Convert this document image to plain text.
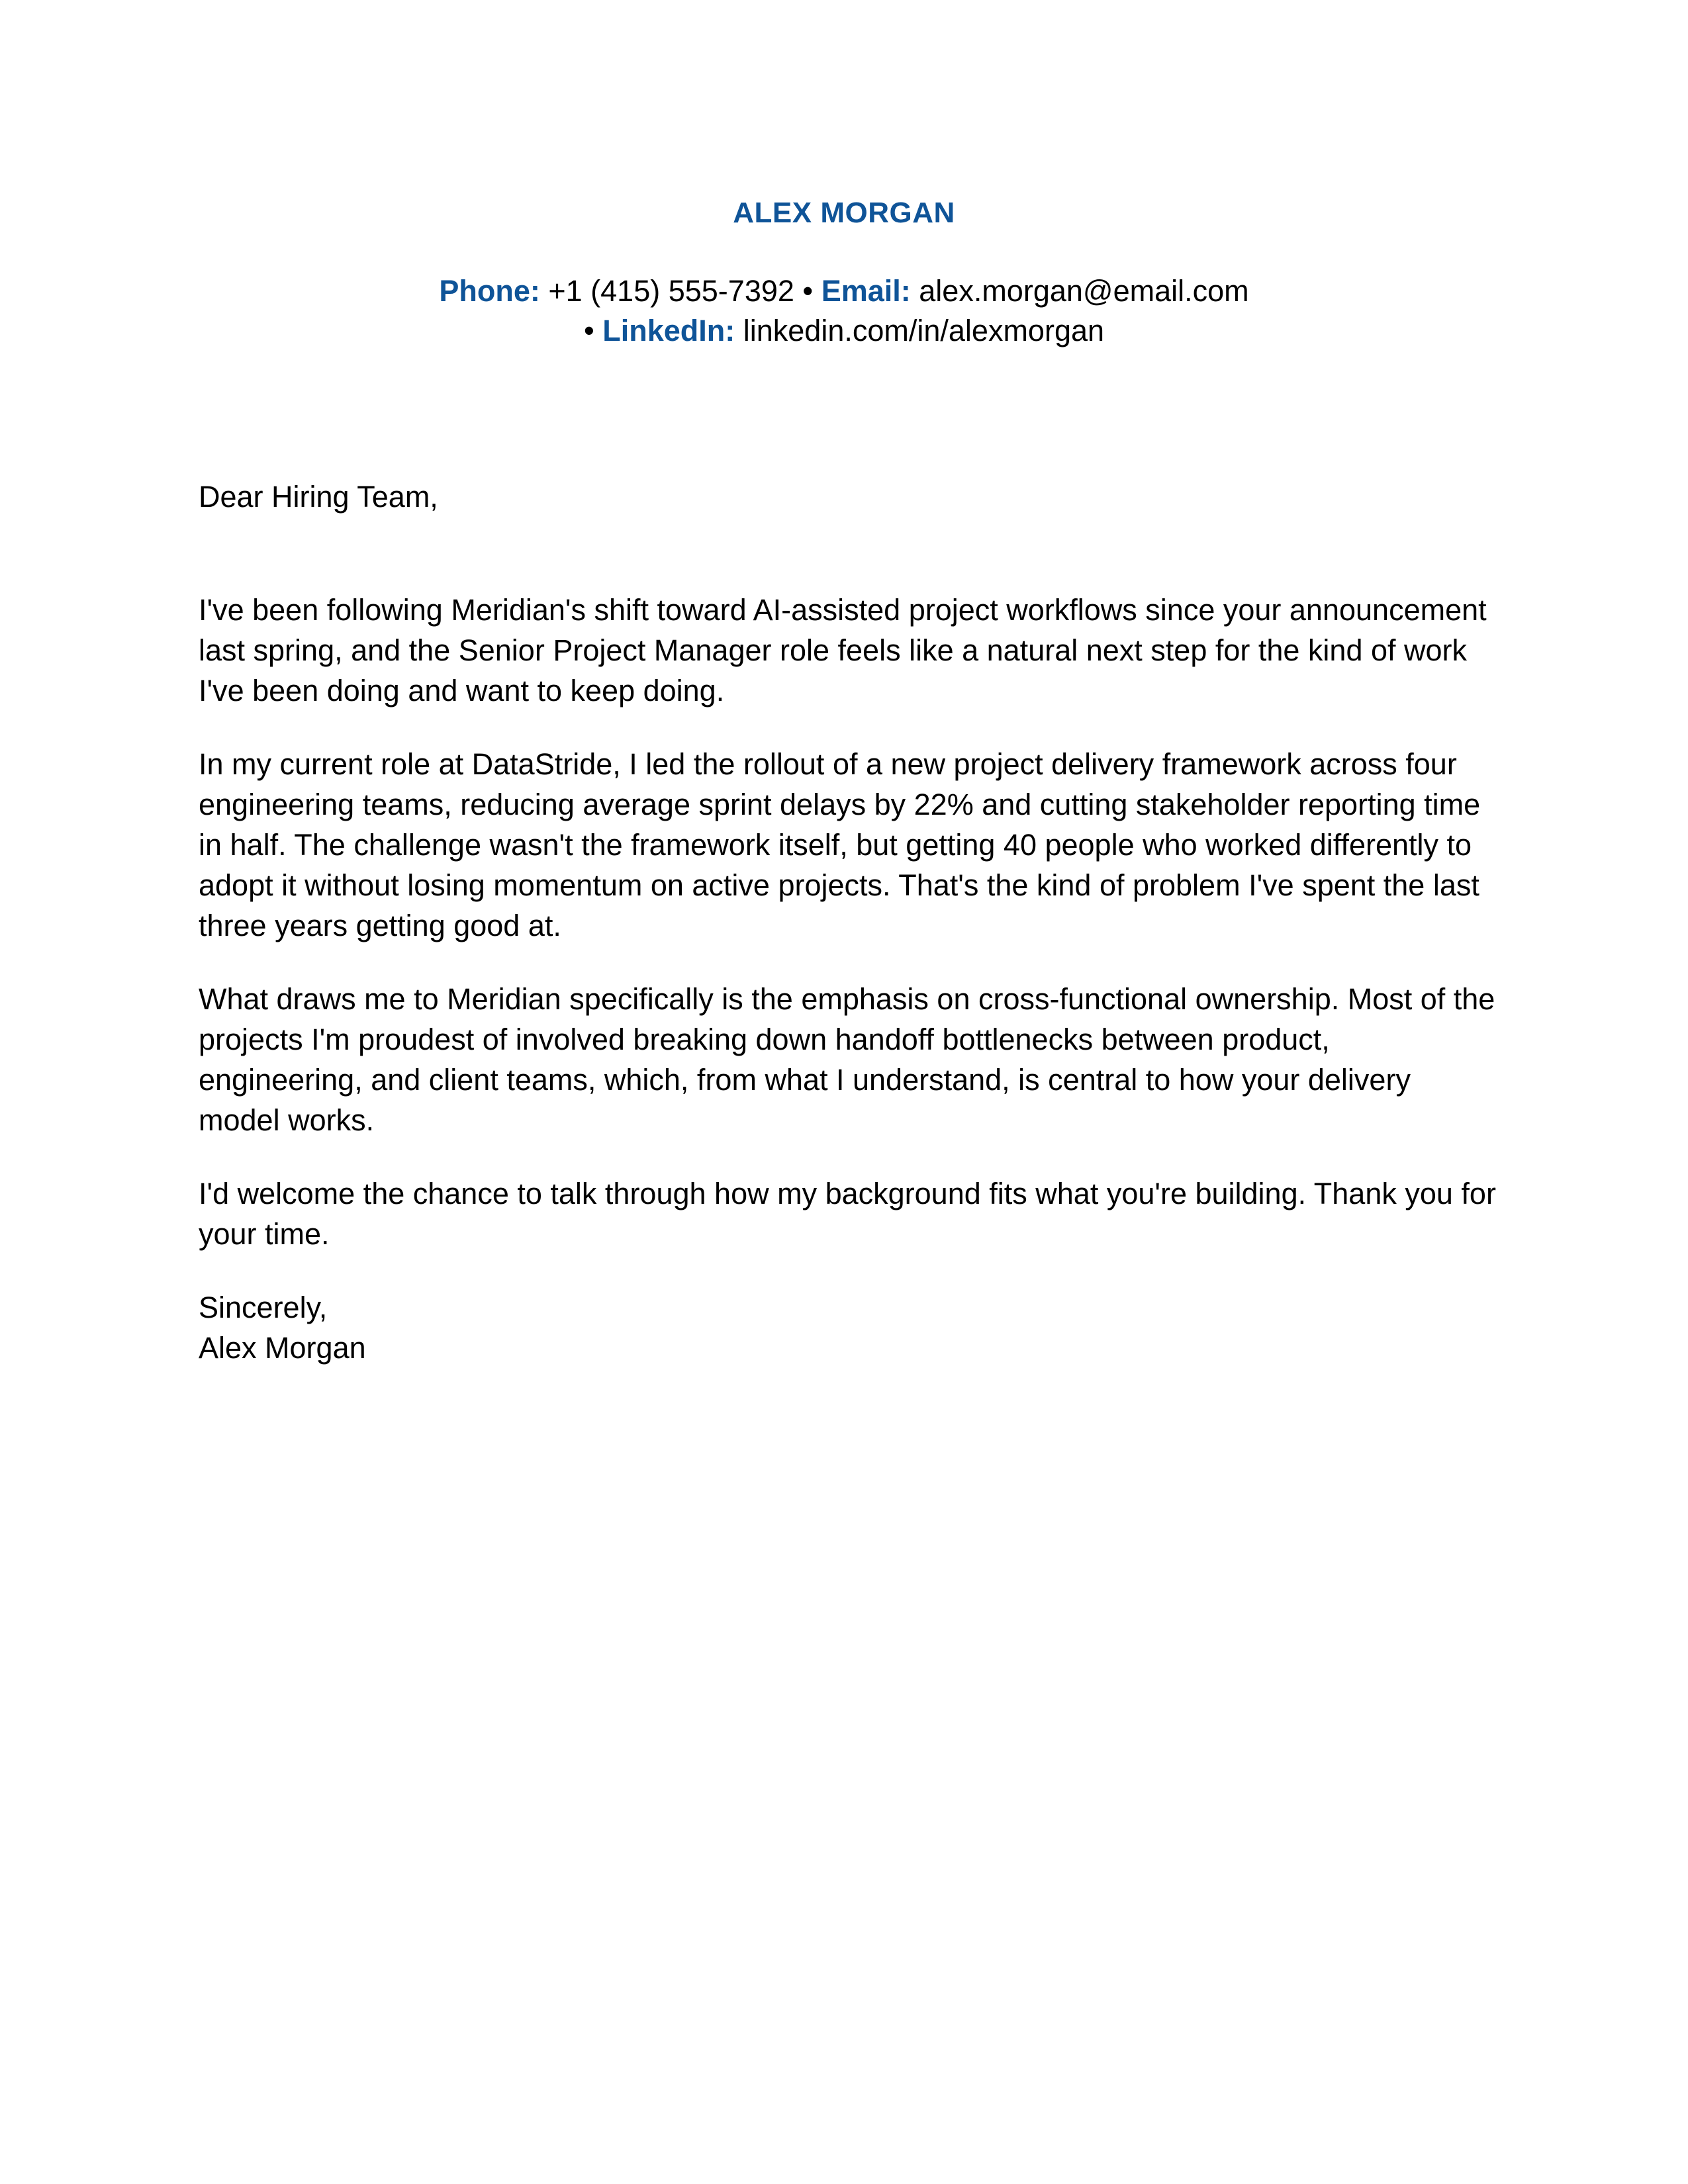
ALEX MORGAN
Phone: +1 (415) 555-7392 • Email: alex.morgan@email.com
• LinkedIn: linkedin.com/in/alexmorgan

Dear Hiring Team,

I've been following Meridian's shift toward AI-assisted project workflows since your announcement last spring, and the Senior Project Manager role feels like a natural next step for the kind of work I've been doing and want to keep doing.

In my current role at DataStride, I led the rollout of a new project delivery framework across four engineering teams, reducing average sprint delays by 22% and cutting stakeholder reporting time in half. The challenge wasn't the framework itself, but getting 40 people who worked differently to adopt it without losing momentum on active projects. That's the kind of problem I've spent the last three years getting good at.

What draws me to Meridian specifically is the emphasis on cross-functional ownership. Most of the projects I'm proudest of involved breaking down handoff bottlenecks between product, engineering, and client teams, which, from what I understand, is central to how your delivery model works.

I'd welcome the chance to talk through how my background fits what you're building. Thank you for your time.

Sincerely,

Alex Morgan
